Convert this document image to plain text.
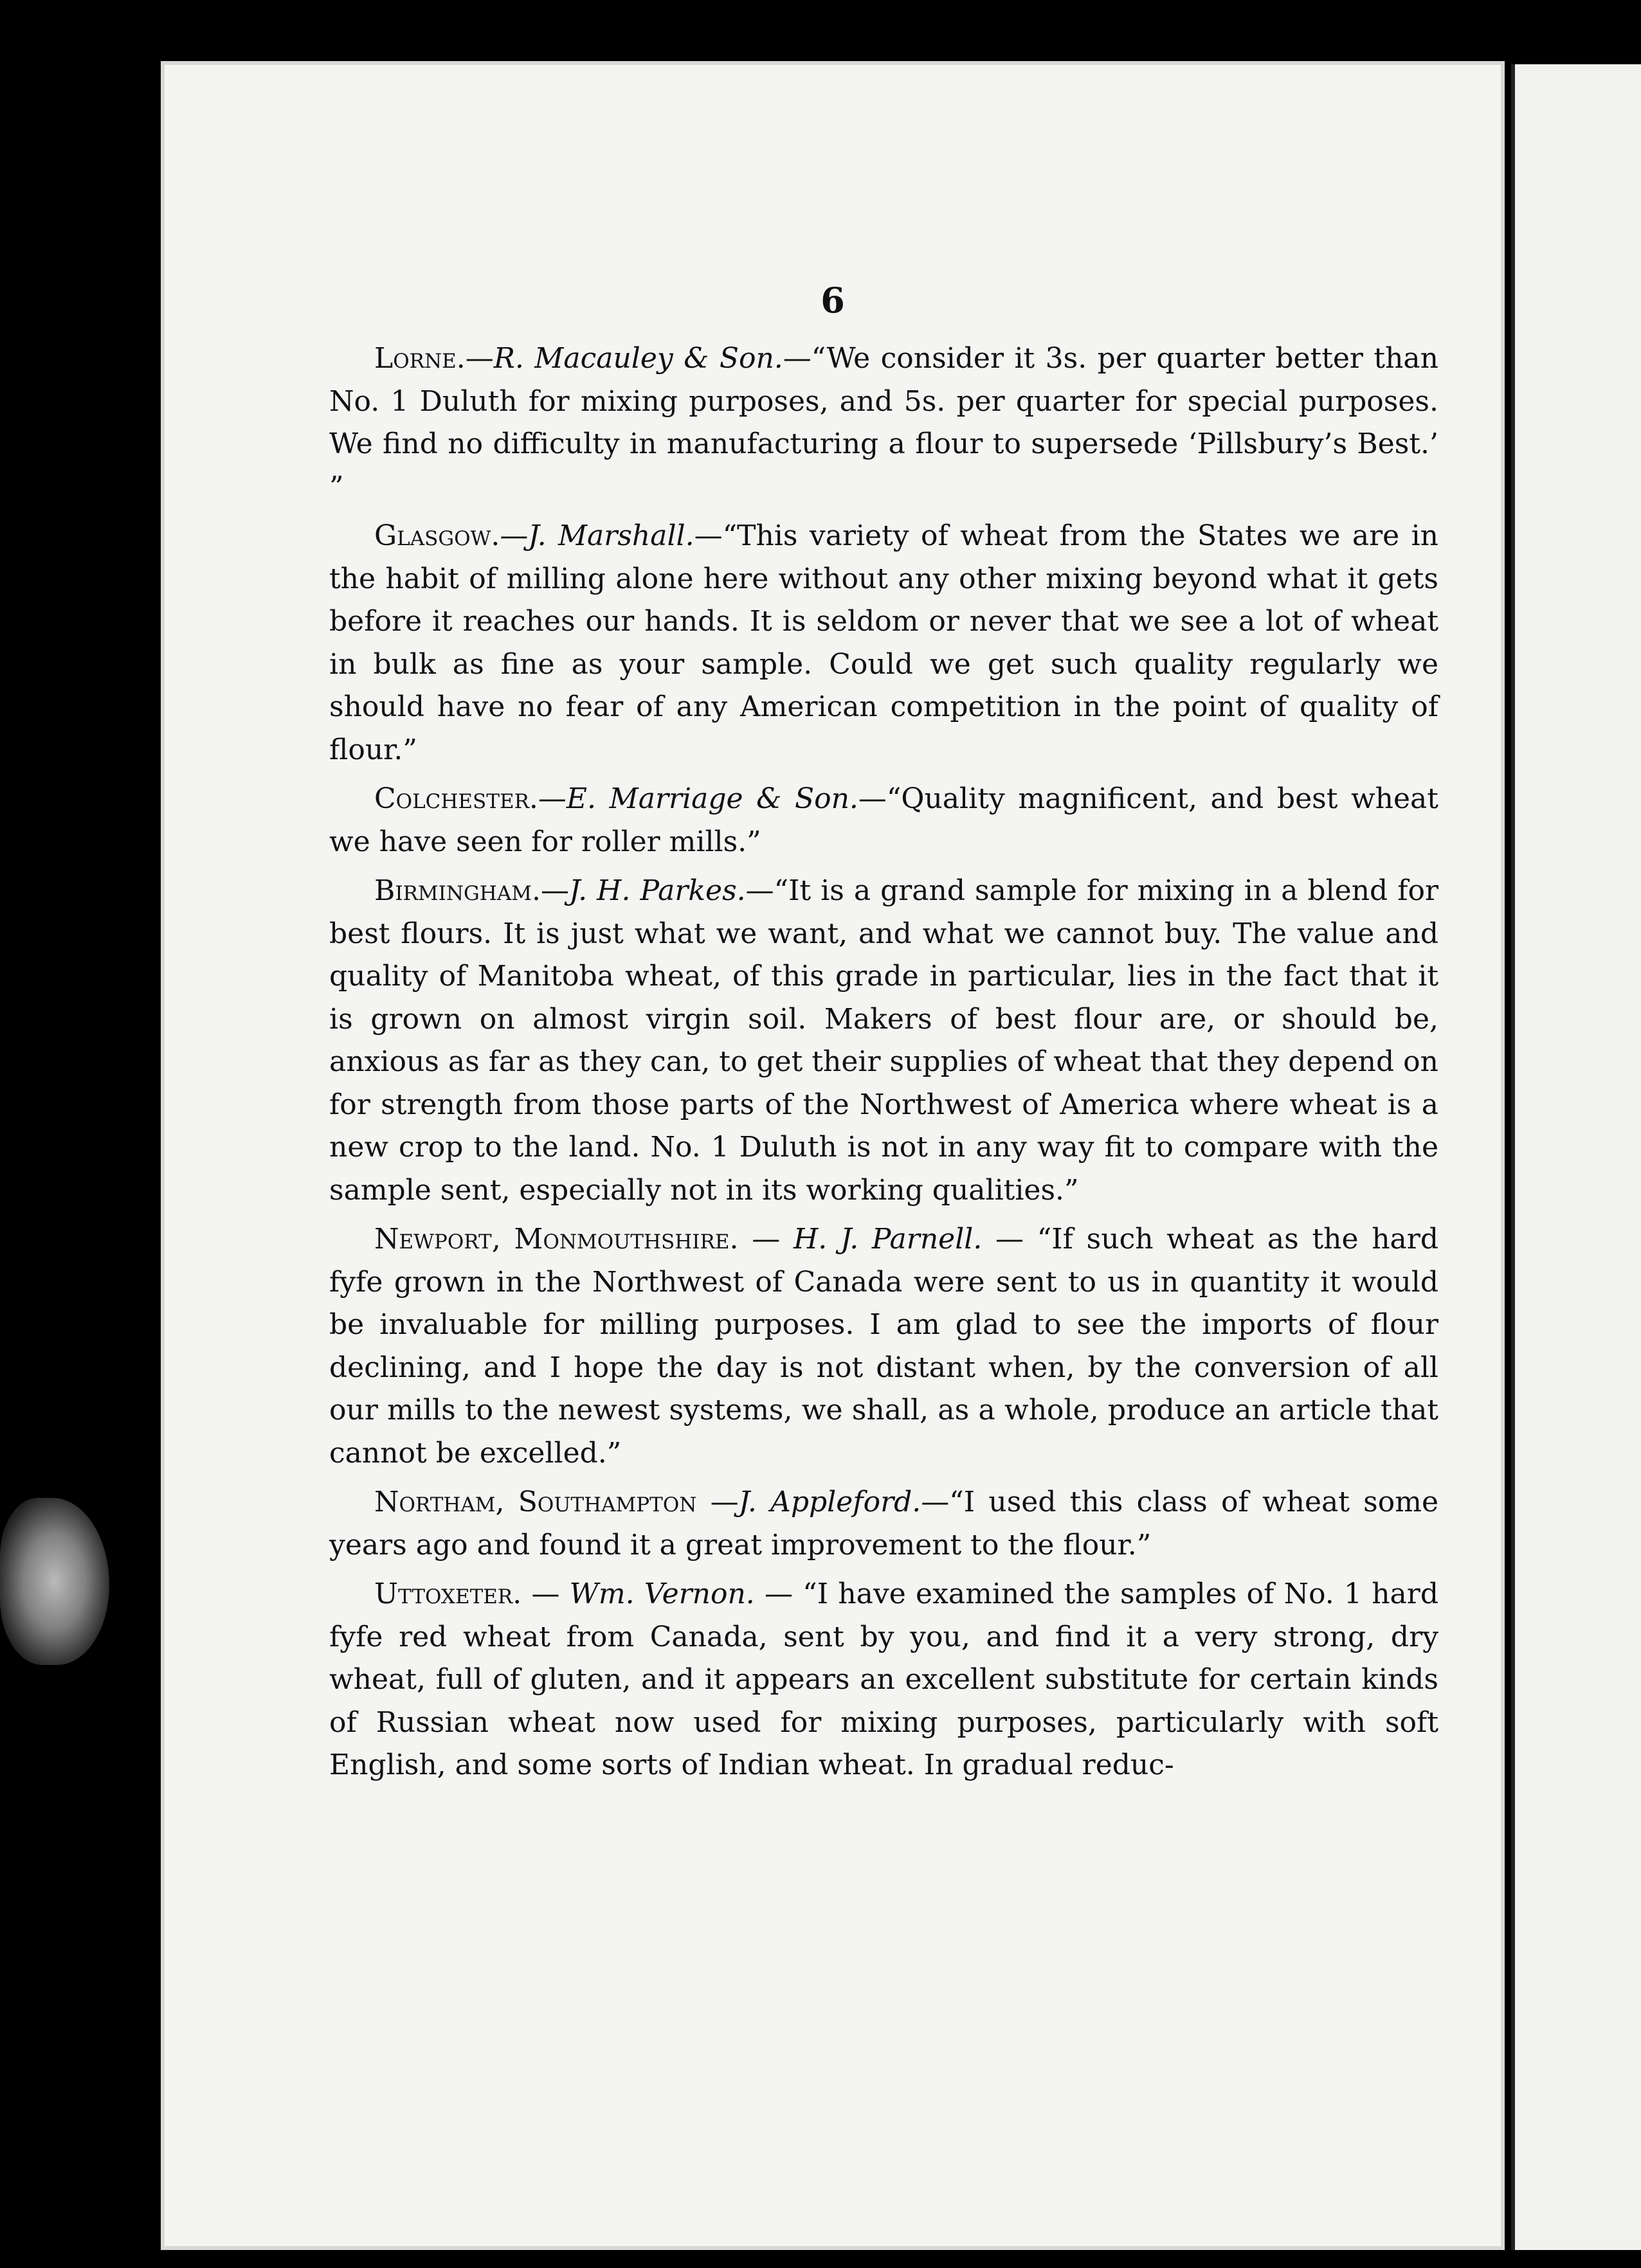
6

Lorne.—R. Macauley & Son.—“We consider it 3s. per quarter better than No. 1 Duluth for mixing purposes, and 5s. per quarter for special purposes. We find no difficulty in manufacturing a flour to supersede ‘Pillsbury’s Best.’ ”

Glasgow.—J. Marshall.—“This variety of wheat from the States we are in the habit of milling alone here without any other mixing beyond what it gets before it reaches our hands. It is seldom or never that we see a lot of wheat in bulk as fine as your sample. Could we get such quality regularly we should have no fear of any American competition in the point of quality of flour.”

Colchester.—E. Marriage & Son.—“Quality magnificent, and best wheat we have seen for roller mills.”

Birmingham.—J. H. Parkes.—“It is a grand sample for mixing in a blend for best flours. It is just what we want, and what we cannot buy. The value and quality of Manitoba wheat, of this grade in particular, lies in the fact that it is grown on almost virgin soil. Makers of best flour are, or should be, anxious as far as they can, to get their supplies of wheat that they depend on for strength from those parts of the Northwest of America where wheat is a new crop to the land. No. 1 Duluth is not in any way fit to compare with the sample sent, especially not in its working qualities.”

Newport, Monmouthshire. — H. J. Parnell. — “If such wheat as the hard fyfe grown in the Northwest of Canada were sent to us in quantity it would be invaluable for milling purposes. I am glad to see the imports of flour declining, and I hope the day is not distant when, by the conversion of all our mills to the newest systems, we shall, as a whole, produce an article that cannot be excelled.”

Northam, Southampton —J. Appleford.—“I used this class of wheat some years ago and found it a great improvement to the flour.”

Uttoxeter. — Wm. Vernon. — “I have examined the samples of No. 1 hard fyfe red wheat from Canada, sent by you, and find it a very strong, dry wheat, full of gluten, and it appears an excellent substitute for certain kinds of Russian wheat now used for mixing purposes, particularly with soft English, and some sorts of Indian wheat. In gradual reduc-
